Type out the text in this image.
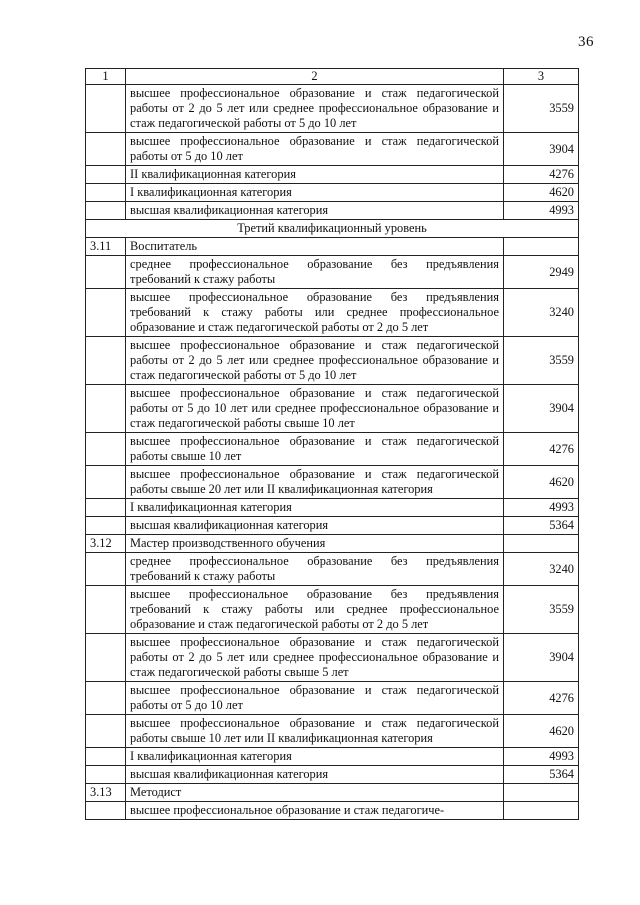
36
1	2	3
	высшее профессиональное образование и стаж педагогической работы от 2 до 5 лет или среднее профессиональное образование и стаж педагогической работы от 5 до 10 лет	3559
	высшее профессиональное образование и стаж педагогической работы от 5 до 10 лет	3904
	II квалификационная категория	4276
	I квалификационная категория	4620
	высшая квалификационная категория	4993
Третий квалификационный уровень		
3.11	Воспитатель	
	среднее профессиональное образование без предъявления требований к стажу работы	2949
	высшее профессиональное образование без предъявления требований к стажу работы или среднее профессиональное образование и стаж педагогической работы от 2 до 5 лет	3240
	высшее профессиональное образование и стаж педагогической работы от 2 до 5 лет или среднее профессиональное образование и стаж педагогической работы от 5 до 10 лет	3559
	высшее профессиональное образование и стаж педагогической работы от 5 до 10 лет или среднее профессиональное образование и стаж педагогической работы свыше 10 лет	3904
	высшее профессиональное образование и стаж педагогической работы свыше 10 лет	4276
	высшее профессиональное образование и стаж педагогической работы свыше 20 лет или II квалификационная категория	4620
	I квалификационная категория	4993
	высшая квалификационная категория	5364
3.12	Мастер производственного обучения	
	среднее профессиональное образование без предъявления требований к стажу работы	3240
	высшее профессиональное образование без предъявления требований к стажу работы или среднее профессиональное образование и стаж педагогической работы от 2 до 5 лет	3559
	высшее профессиональное образование и стаж педагогической работы от 2 до 5 лет или среднее профессиональное образование и стаж педагогической работы свыше 5 лет	3904
	высшее профессиональное образование и стаж педагогической работы от 5 до 10 лет	4276
	высшее профессиональное образование и стаж педагогической работы свыше 10 лет или II квалификационная категория	4620
	I квалификационная категория	4993
	высшая квалификационная категория	5364
3.13	Методист	
	высшее профессиональное образование и стаж педагогиче-	
